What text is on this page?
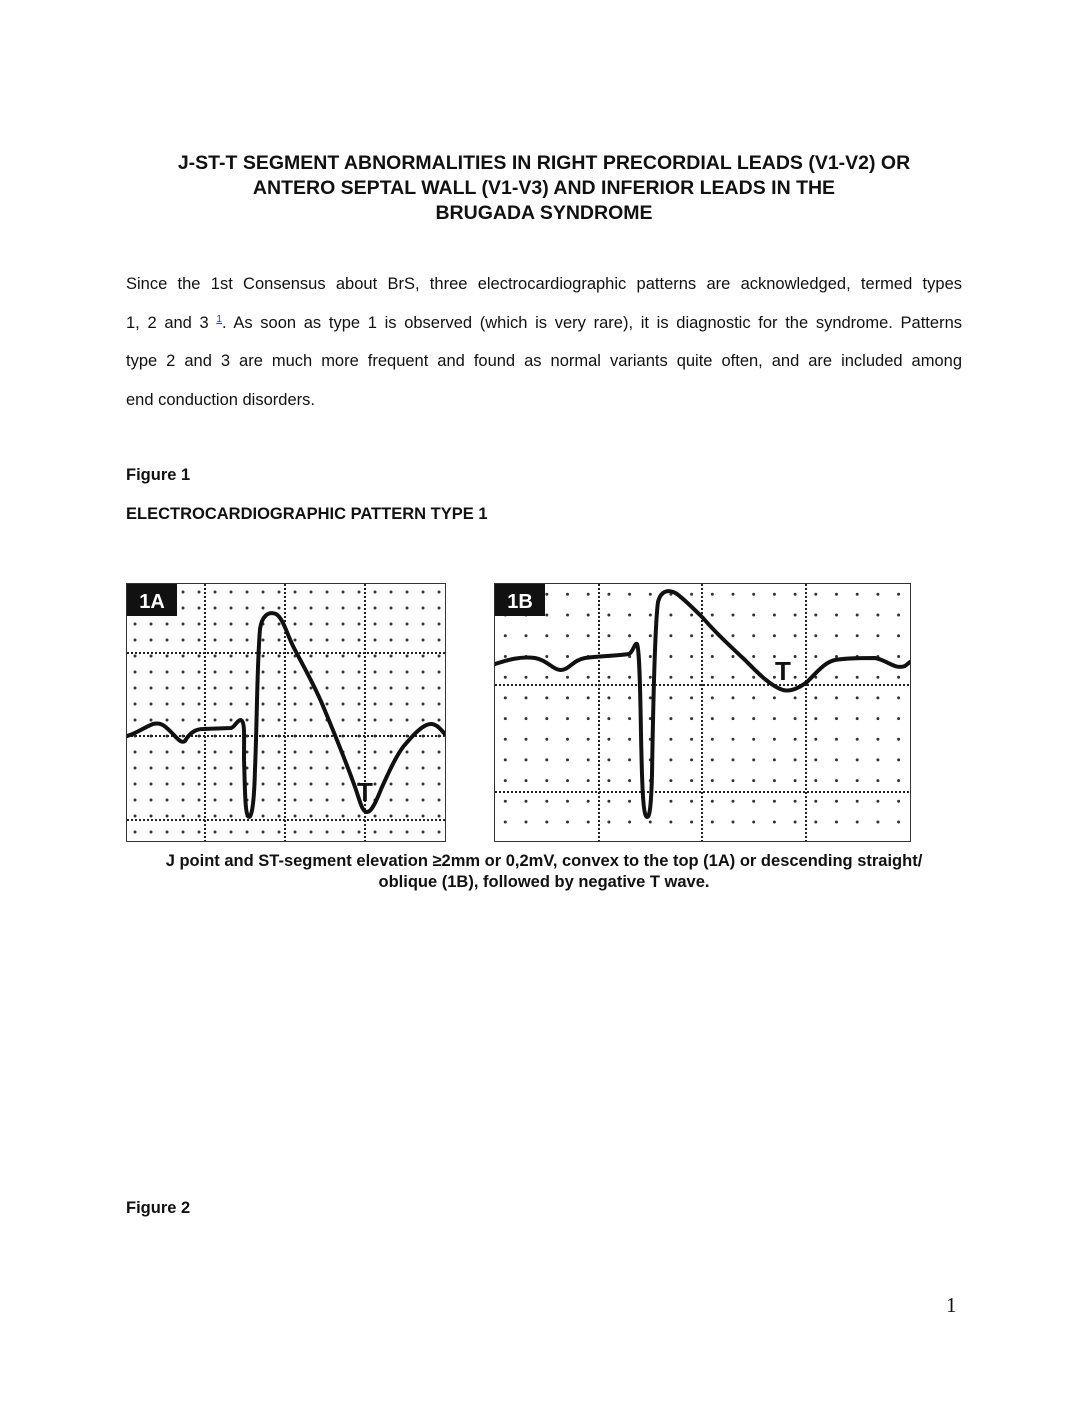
J-ST-T SEGMENT ABNORMALITIES IN RIGHT PRECORDIAL LEADS (V1-V2) OR
ANTERO SEPTAL WALL (V1-V3) AND INFERIOR LEADS IN THE
BRUGADA SYNDROME
Since the 1st Consensus about BrS, three electrocardiographic patterns are acknowledged, termed types
1, 2 and 3 $^1$. As soon as type 1 is observed (which is very rare), it is diagnostic for the syndrome. Patterns
type 2 and 3 are much more frequent and found as normal variants quite often, and are included among
end conduction disorders.
Figure 1
ELECTROCARDIOGRAPHIC PATTERN TYPE 1
1A
T
1B
T
J point and ST-segment elevation ≥2mm or 0,2mV, convex to the top (1A) or descending straight/
oblique (1B), followed by negative T wave.
Figure 2
1
